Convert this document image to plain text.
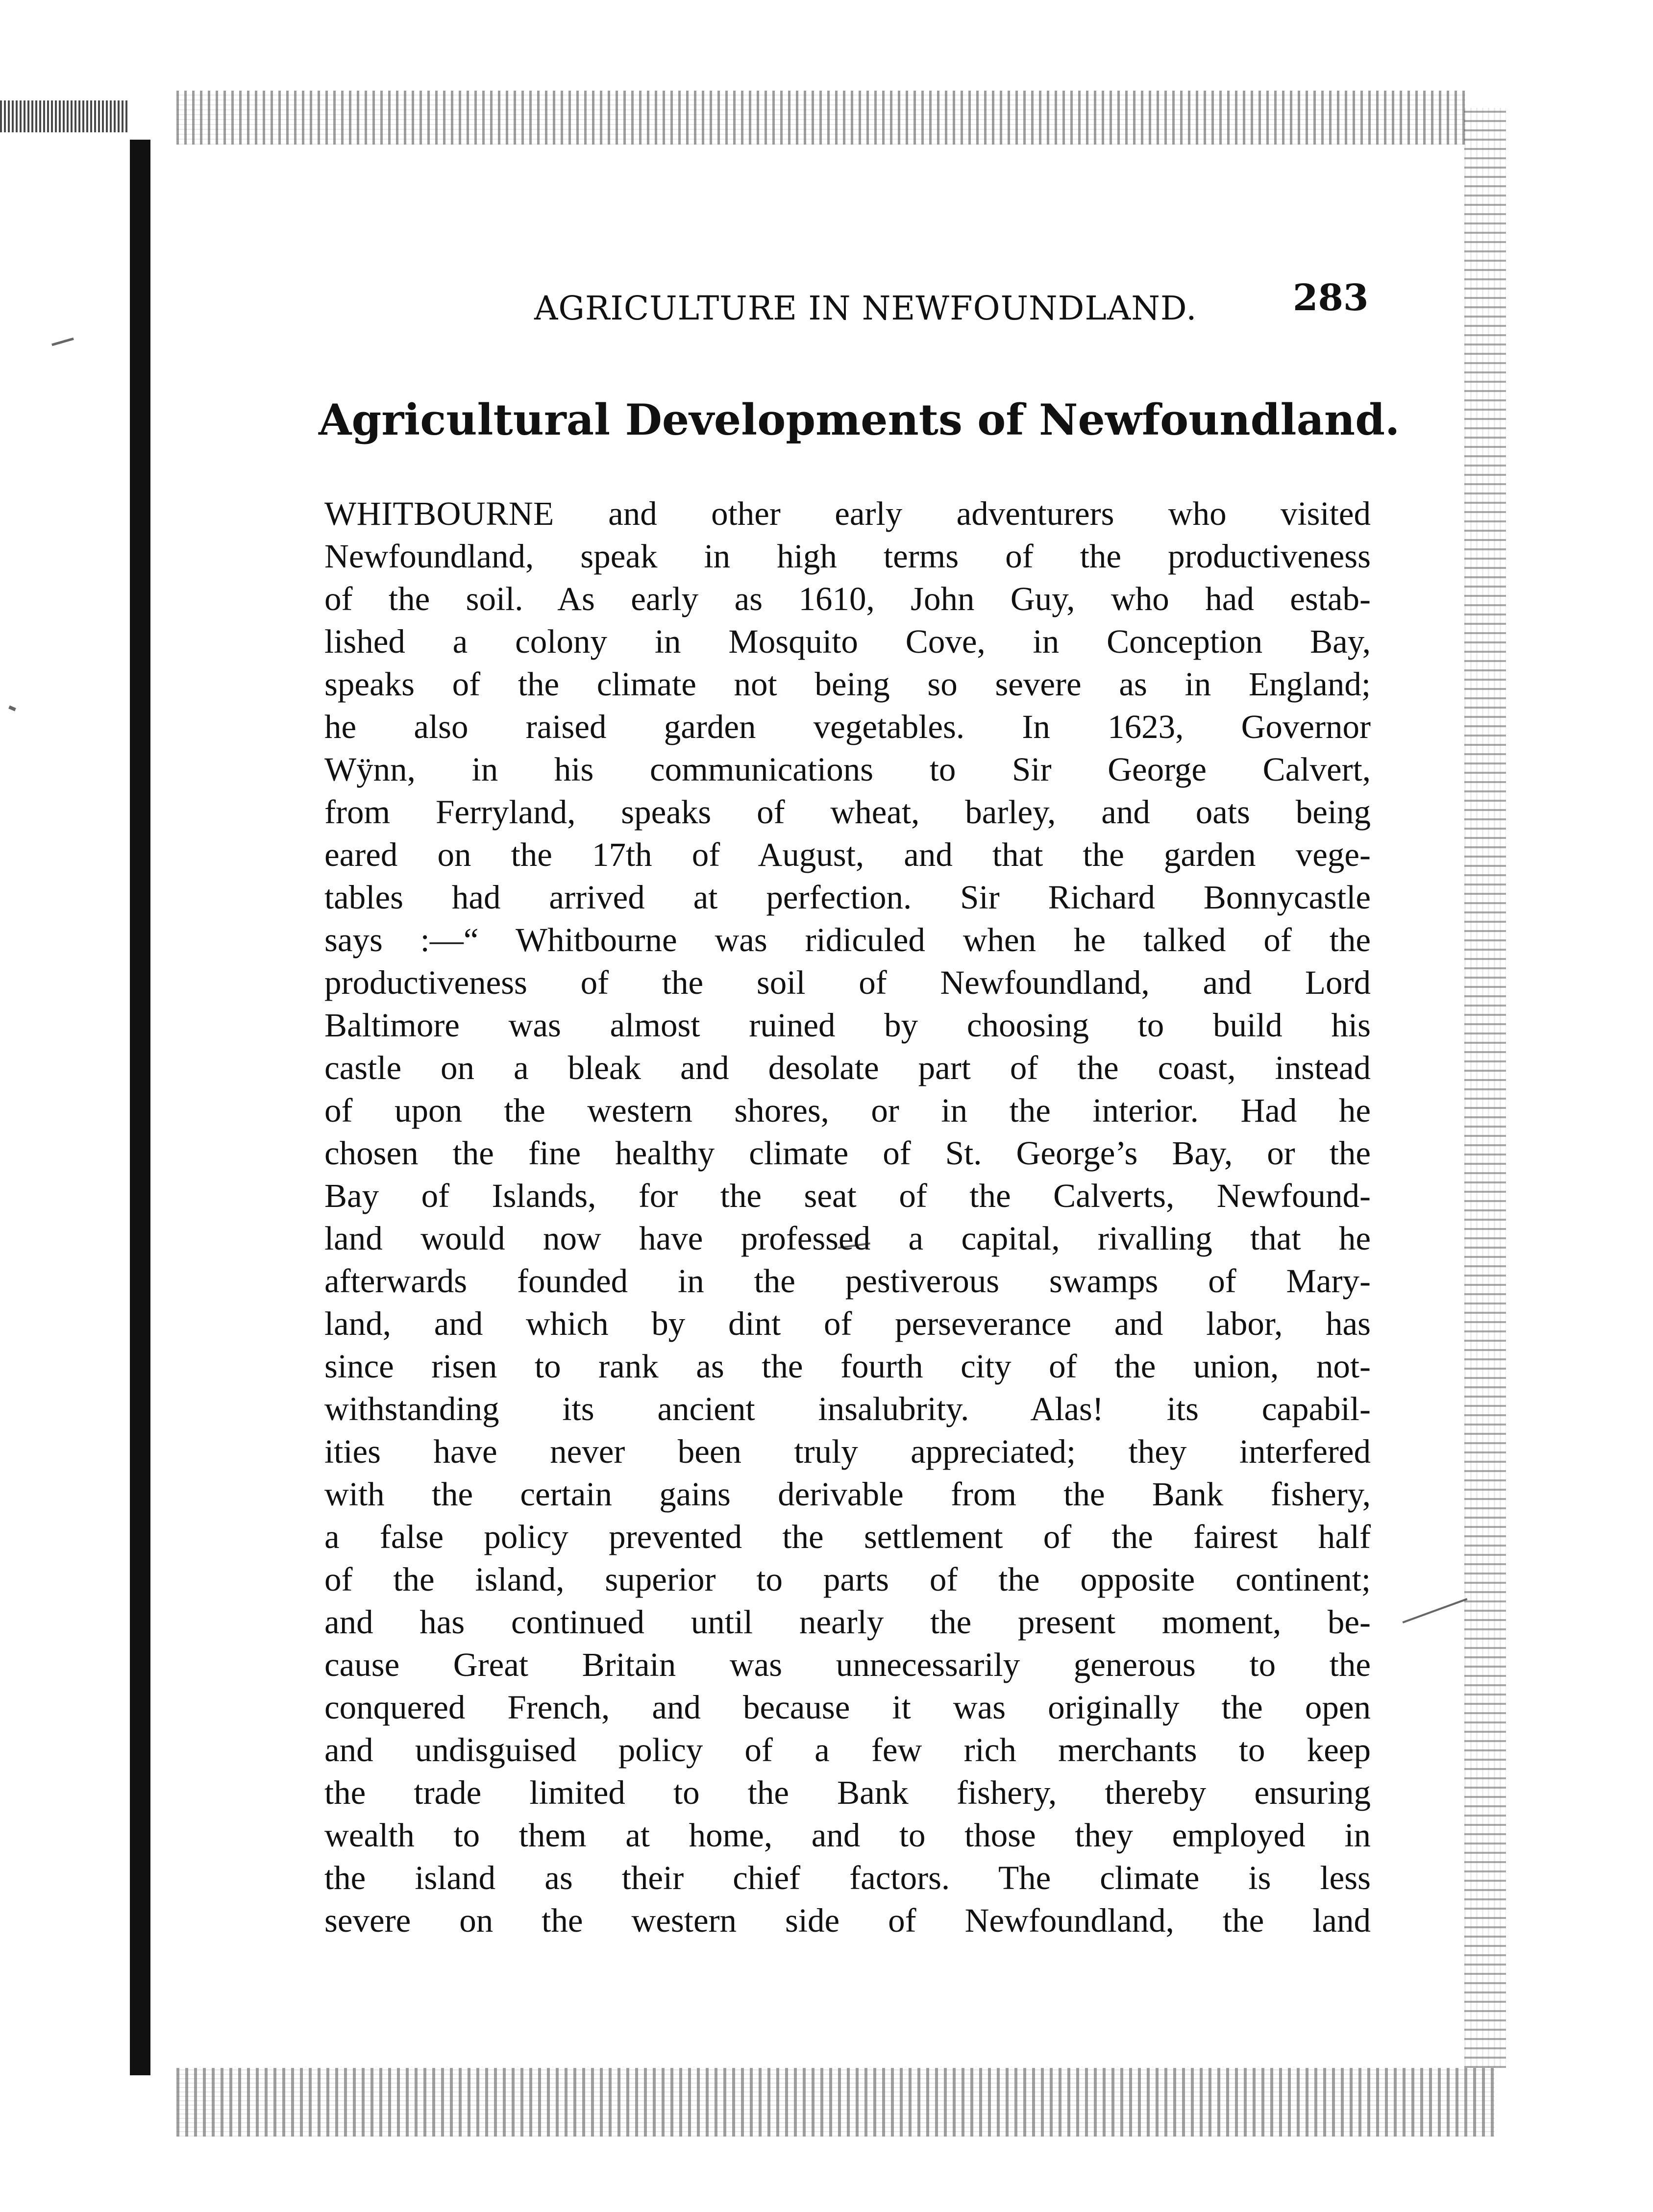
AGRICULTURE IN NEWFOUNDLAND.	283
Agricultural Developments of Newfoundland.
WHITBOURNE and other early adventurers who visited
Newfoundland, speak in high terms of the productiveness
of the soil. As early as 1610, John Guy, who had estab-
lished a colony in Mosquito Cove, in Conception Bay,
speaks of the climate not being so severe as in England;
he also raised garden vegetables. In 1623, Governor
Wÿnn, in his communications to Sir George Calvert,
from Ferryland, speaks of wheat, barley, and oats being
eared on the 17th of August, and that the garden vege-
tables had arrived at perfection. Sir Richard Bonnycastle
says :—“ Whitbourne was ridiculed when he talked of the
productiveness of the soil of Newfoundland, and Lord
Baltimore was almost ruined by choosing to build his
castle on a bleak and desolate part of the coast, instead
of upon the western shores, or in the interior. Had he
chosen the fine healthy climate of St. George’s Bay, or the
Bay of Islands, for the seat of the Calverts, Newfound-
land would now have professed a capital, rivalling that he
afterwards founded in the pestiverous swamps of Mary-
land, and which by dint of perseverance and labor, has
since risen to rank as the fourth city of the union, not-
withstanding its ancient insalubrity. Alas! its capabil-
ities have never been truly appreciated; they interfered
with the certain gains derivable from the Bank fishery,
a false policy prevented the settlement of the fairest half
of the island, superior to parts of the opposite continent;
and has continued until nearly the present moment, be-
cause Great Britain was unnecessarily generous to the
conquered French, and because it was originally the open
and undisguised policy of a few rich merchants to keep
the trade limited to the Bank fishery, thereby ensuring
wealth to them at home, and to those they employed in
the island as their chief factors. The climate is less
severe on the western side of Newfoundland, the land
